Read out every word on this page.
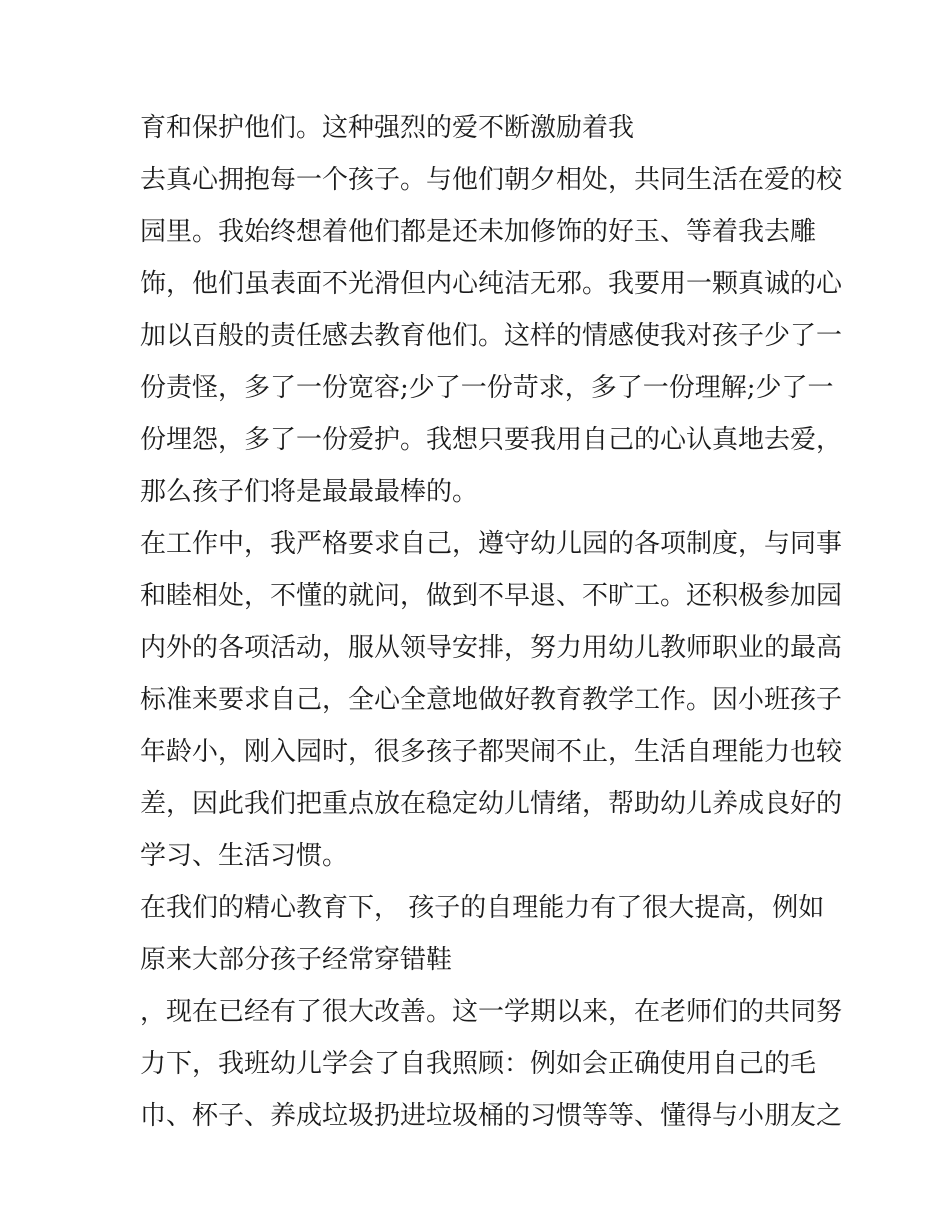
育和保护他们。这种强烈的爱不断激励着我
去真心拥抱每一个孩子。与他们朝夕相处，共同生活在爱的校
园里。我始终想着他们都是还未加修饰的好玉、等着我去雕
饰，他们虽表面不光滑但内心纯洁无邪。我要用一颗真诚的心
加以百般的责任感去教育他们。这样的情感使我对孩子少了一
份责怪，多了一份宽容;少了一份苛求，多了一份理解;少了一
份埋怨，多了一份爱护。我想只要我用自己的心认真地去爱，
那么孩子们将是最最最棒的。
在工作中，我严格要求自己，遵守幼儿园的各项制度，与同事
和睦相处，不懂的就问，做到不早退、不旷工。还积极参加园
内外的各项活动，服从领导安排，努力用幼儿教师职业的最高
标准来要求自己，全心全意地做好教育教学工作。因小班孩子
年龄小，刚入园时，很多孩子都哭闹不止，生活自理能力也较
差，因此我们把重点放在稳定幼儿情绪，帮助幼儿养成良好的
学习、生活习惯。
在我们的精心教育下， 孩子的自理能力有了很大提高，例如
原来大部分孩子经常穿错鞋
，现在已经有了很大改善。这一学期以来，在老师们的共同努
力下，我班幼儿学会了自我照顾：例如会正确使用自己的毛
巾、杯子、养成垃圾扔进垃圾桶的习惯等等、懂得与小朋友之
